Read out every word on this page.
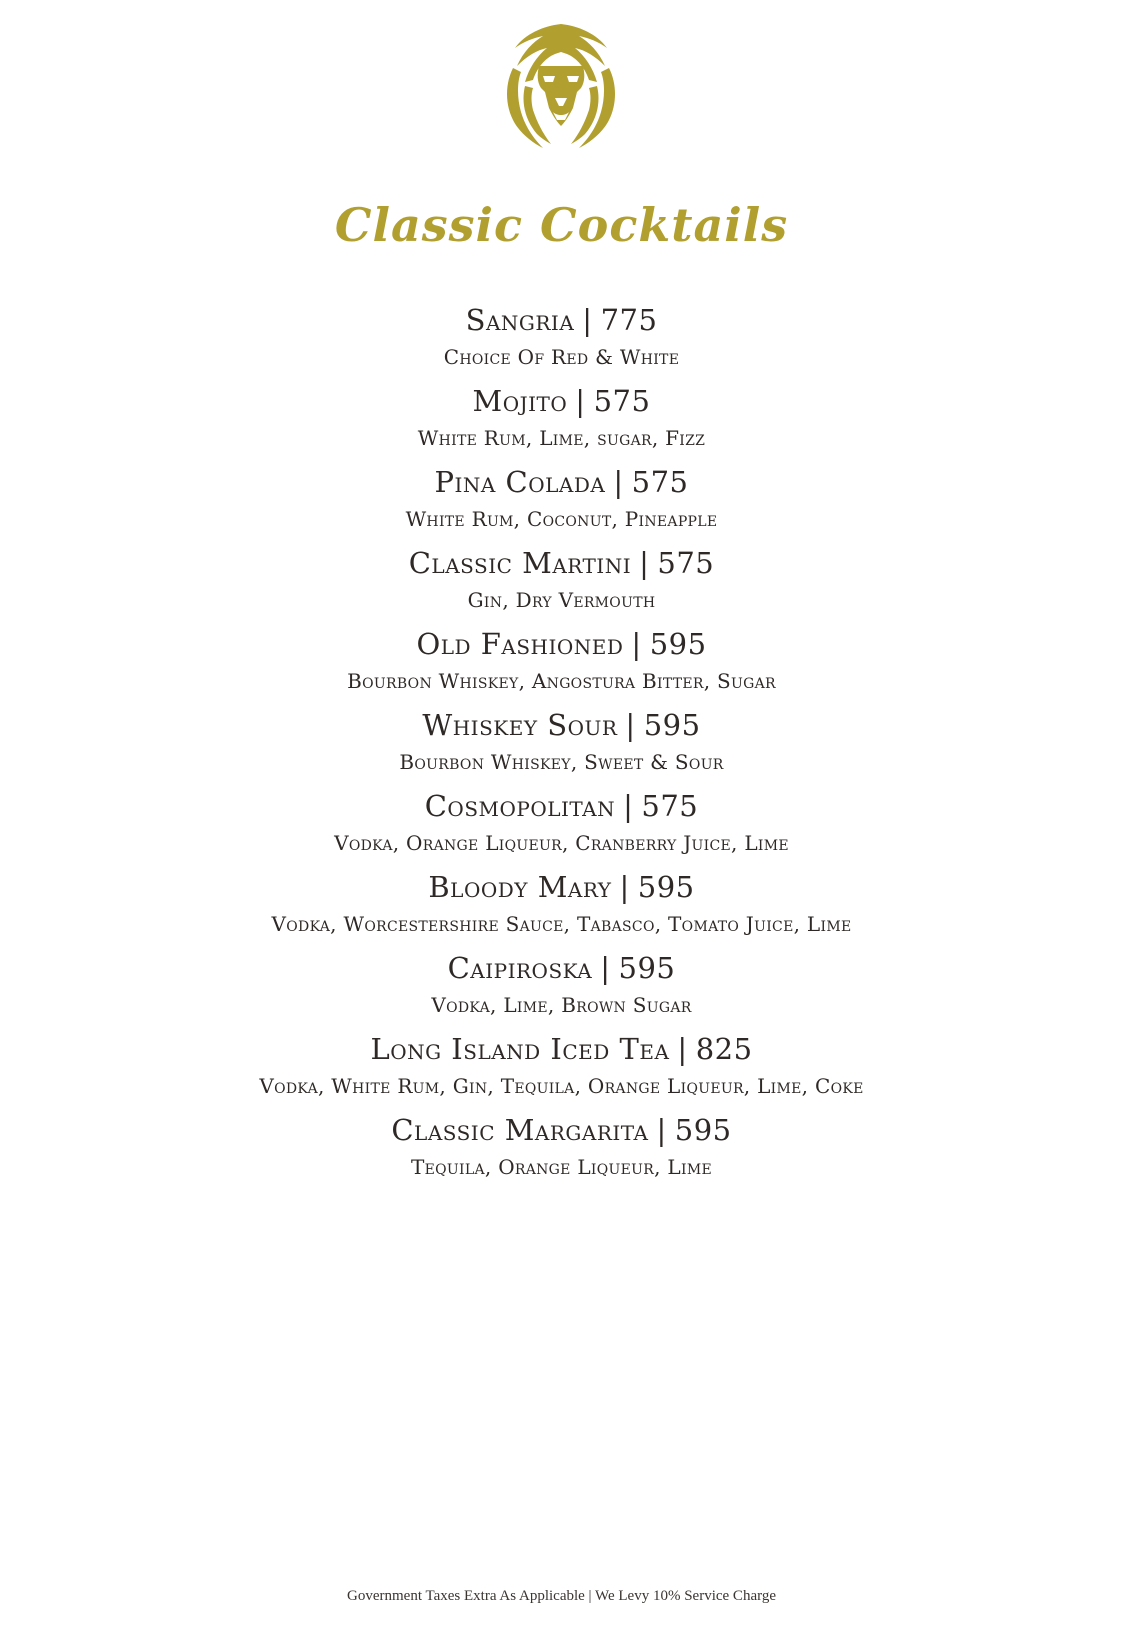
Classic Cocktails
Sangria | 775
Choice Of Red & White
Mojito | 575
White Rum, Lime, sugar, Fizz
Pina Colada | 575
White Rum, Coconut, Pineapple
Classic Martini | 575
Gin, Dry Vermouth
Old Fashioned | 595
Bourbon Whiskey, Angostura Bitter, Sugar
Whiskey Sour | 595
Bourbon Whiskey, Sweet & Sour
Cosmopolitan | 575
Vodka, Orange Liqueur, Cranberry Juice, Lime
Bloody Mary | 595
Vodka, Worcestershire Sauce, Tabasco, Tomato Juice, Lime
Caipiroska | 595
Vodka, Lime, Brown Sugar
Long Island Iced Tea | 825
Vodka, White Rum, Gin, Tequila, Orange Liqueur, Lime, Coke
Classic Margarita | 595
Tequila, Orange Liqueur, Lime

Government Taxes Extra As Applicable | We Levy 10% Service Charge
